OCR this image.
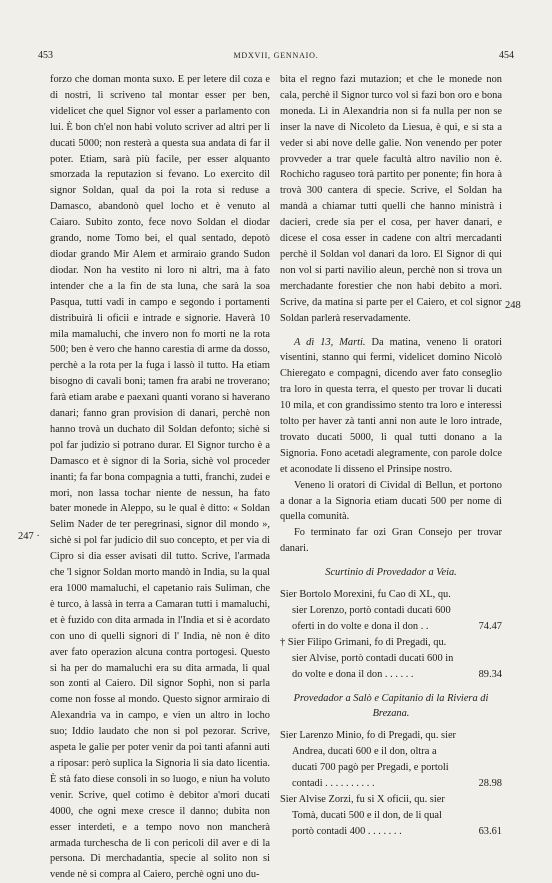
453	MDXVII, GENNAIO.	454
247 ·
248

forzo che doman monta suxo. E per letere dil coza e di nostri, li scriveno tal montar esser per ben, videlicet che quel Signor vol esser a parlamento con lui. È bon ch'el non habi voluto scriver ad altri per li ducati 5000; non resterà a questa sua andata di far il poter. Etiam, sarà più facile, per esser alquanto smorzada la reputazion si fevano. Lo exercito dil signor Soldan, qual da poi la rota si reduse a Damasco, abandonò quel locho et è venuto al Caiaro. Subito zonto, fece novo Soldan el diodar grando, nome Tomo bei, el qual sentado, depotò diodar grando Mir Alem et armiraio grando Sudon diodar. Non ha vestito nì loro nì altri, ma à fato intender che a la fin de sta luna, che sarà la soa Pasqua, tutti vadi in campo e segondo i portamenti distribuirà li oficii e intrade e signorie. Haverà 10 mila mamaluchi, che invero non fo morti ne la rota 500; ben è vero che hanno carestia di arme da dosso, perchè a la rota per la fuga i lassò il tutto. Ha etiam bisogno di cavali boni; tamen fra arabi ne troverano; farà etiam arabe e paexani quanti vorano si haverano danari; fanno gran provision di danari, perchè non hanno trovà un duchato dil Soldan defonto; sichè si pol far judizio si potrano durar. El Signor turcho è a Damasco et è signor di la Soria, sichè vol proceder inanti; fa far bona compagnia a tutti, franchi, zudei e mori, non lassa tochar niente de nessun, ha fato bater monede in Aleppo, su le qual è ditto: « Soldan Selim Nader de ter peregrinasi, signor dil mondo », sichè si pol far judicio dil suo concepto, et per via di Cipro si dia esser avisati dil tutto. Scrive, l'armada che 'l signor Soldan morto mandò in India, su la qual era 1000 mamaluchi, el capetanio rais Suliman, che è turco, à lassà in terra a Camaran tutti i mamaluchi, et è fuzido con dita armada in l'India et si è acordato con uno di quelli signori di l' India, nè non è dito aver fato operazion alcuna contra portogesi. Questo si ha per do mamaluchi era su dita armada, li qual son zonti al Caiero. Dil signor Sophì, non si parla come non fosse al mondo. Questo signor armiraio di Alexandria va in campo, e vien un altro in locho suo; Iddio laudato che non si pol pezorar. Scrive, aspeta le galie per poter venir da poi tanti afanni auti a riposar: però suplica la Signoria li sia dato licentia. È stà fato diese consoli in so luogo, e niun ha voluto venir. Scrive, quel cotimo è debitor a'mori ducati 4000, che ogni mexe cresce il danno; dubita non esser interdeti, e a tempo novo non mancherà armada turchescha de li con pericoli dil aver e di la persona. Di merchadantia, specie al solito non si vende nè si compra al Caiero, perchè ogni uno du-

bita el regno fazi mutazion; et che le monede non cala, perchè il Signor turco vol si fazi bon oro e bona moneda. Lì in Alexandria non si fa nulla per non se inser la nave di Nicoleto da Liesua, è qui, e si sta a veder si abi nove delle galie. Non venendo per poter provveder a trar quele facultà altro navilio non è. Rochicho raguseo torà partito per ponente; fin hora à trovà 300 cantera di specie. Scrive, el Soldan ha mandà a chiamar tutti quelli che hanno ministrà i dacieri, crede sia per el cosa, per haver danari, e dicese el cosa esser in cadene con altri mercadanti perchè il Soldan vol danari da loro. El Signor di qui non vol si parti navilio aleun, perchè non si trova un merchadante forestier che non habi debito a mori. Scrive, da matina si parte per el Caiero, et col signor Soldan parlerà reservadamente.

A dì 13, Marti. Da matina, veneno li oratori visentini, stanno qui fermi, videlicet domino Nicolò Chieregato e compagni, dicendo aver fato conseglio tra loro in questa terra, el questo per trovar li ducati 10 mila, et con grandissimo stento tra loro e interessi tolto per haver zà tanti anni non aute le loro intrade, trovato ducati 5000, li qual tutti donano a la Signoria. Fono acetadi alegramente, con parole dolce et aconodate li disseno el Prinsipe nostro.

Veneno li oratori di Cividal di Bellun, et portono a donar a la Signoria etiam ducati 500 per nome di quella comunità.

Fo terminato far ozi Gran Consejo per trovar danari.

Scurtinio di Provedador a Veia.

Sier Bortolo Morexini, fu Cao di XL, qu. sier Lorenzo, portò contadi ducati 600 oferti in do volte e dona il don . .	74.47

† Sier Filipo Grimani, fo di Pregadi, qu. sier Alvise, portò contadi ducati 600 in do volte e dona il don . . . . . .	89.34

Provedador a Salò e Capitanio di la Riviera di Brezana.

Sier Larenzo Minio, fo di Pregadi, qu. sier Andrea, ducati 600 e il don, oltra a ducati 700 pagò per Pregadi, e portoli contadi . . . . . . . . . .	28.98

Sier Alvise Zorzi, fu si X oficii, qu. sier Tomà, ducati 500 e il don, de li qual portò contadi 400 . . . . . . .	63.61
